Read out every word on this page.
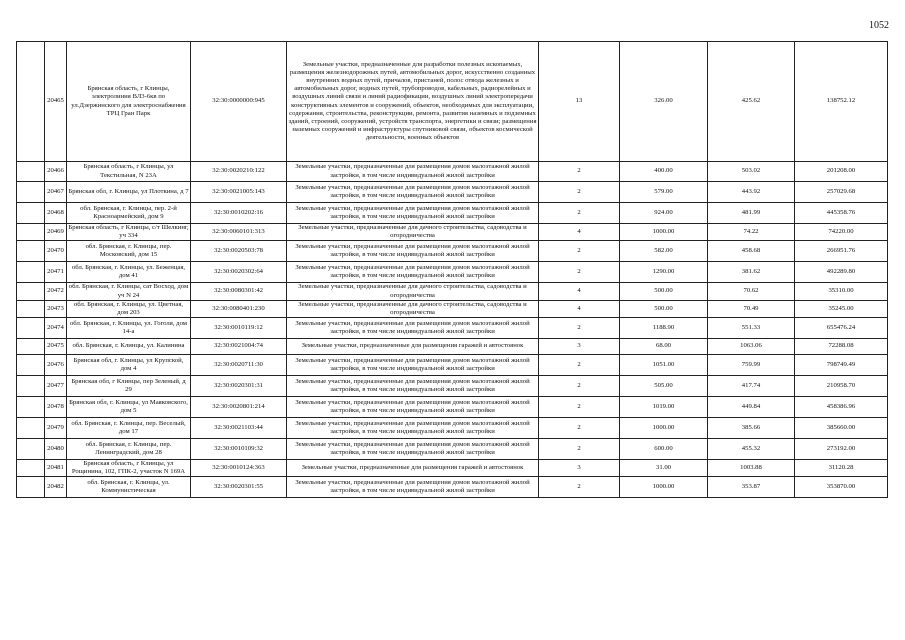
1052
	20465	Брянская область, г Клинцы, электролиния ВЛ3-6кв по ул.Дзержинского для электроснабжения ТРЦ Гран Парк	32:30:0000000:945	Земельные участки, предназначенные для разработки полезных ископаемых, размещения железнодорожных путей, автомобильных дорог, искусственно созданных внутренних водных путей, причалов, пристаней, полос отвода железных и автомобильных дорог, водных путей, трубопроводов, кабельных, радиорелейных и воздушных линий связи и линий радиофикации, воздушных линий электропередачи конструктивных элементов и сооружений, объектов, необходимых для эксплуатации, содержания, строительства, реконструкции, ремонта, развития наземных и подземных зданий, строений, сооружений, устройств транспорта, энергетики и связи; размещения наземных сооружений и инфраструктуры спутниковой связи, объектов космической деятельности, военных объектов	13	326.00	425.62	138752.12
	20466	Брянская область, г Клинцы, ул Текстильная, N 23А	32:30:0020210:122	Земельные участки, предназначенные для размещения домов малоэтажной жилой застройки, в том числе индивидуальной жилой застройки	2	400.00	503.02	201208.00
	20467	Брянская обл, г. Клинцы, ул Плоткина, д 7	32:30:0021005:143	Земельные участки, предназначенные для размещения домов малоэтажной жилой застройки, в том числе индивидуальной жилой застройки	2	579.00	443.92	257029.68
	20468	обл. Брянская, г. Клинцы, пер. 2-й Красноармейский, дом 9	32:30:0010202:16	Земельные участки, предназначенные для размещения домов малоэтажной жилой застройки, в том числе индивидуальной жилой застройки	2	924.00	481.99	445358.76
	20469	Брянская область, г Клинцы, с/т Шелкинг, уч 334	32:30:0060101:313	Земельные участки, предназначенные для дачного строительства, садоводства и огородничества	4	1000.00	74.22	74220.00
	20470	обл. Брянская, г. Клинцы, пер. Московский, дом 15	32:30:0020503:78	Земельные участки, предназначенные для размещения домов малоэтажной жилой застройки, в том числе индивидуальной жилой застройки	2	582.00	458.68	266951.76
	20471	обл. Брянская, г. Клинцы, ул. Беженцая, дом 41	32:30:0020302:64	Земельные участки, предназначенные для размещения домов малоэтажной жилой застройки, в том числе индивидуальной жилой застройки	2	1290.00	381.62	492289.80
	20472	обл. Брянская, г. Клинцы, сат Восход, дом уч N 24	32:30:0080301:42	Земельные участки, предназначенные для дачного строительства, садоводства и огородничества	4	500.00	70.62	35310.00
	20473	обл. Брянская, г. Клинцы, ул. Цветная, дом 203	32:30:0080401:230	Земельные участки, предназначенные для дачного строительства, садоводства и огородничества	4	500.00	70.49	35245.00
	20474	обл. Брянская, г. Клинцы, ул. Гоголя, дом 14-а	32:30:0010119:12	Земельные участки, предназначенные для размещения домов малоэтажной жилой застройки, в том числе индивидуальной жилой застройки	2	1188.90	551.33	655476.24
	20475	обл. Брянская, г. Клинцы, ул. Калинина	32:30:0021004:74	Земельные участки, предназначенные для размещения гаражей и автостоянок	3	68.00	1063.06	72288.08
	20476	Брянская обл, г. Клинцы, ул Крупской, дом 4	32:30:0020711:30	Земельные участки, предназначенные для размещения домов малоэтажной жилой застройки, в том числе индивидуальной жилой застройки	2	1051.00	759.99	798749.49
	20477	Брянская обл, г Клинцы, пер Зеленый, д 29	32:30:0020301:31	Земельные участки, предназначенные для размещения домов малоэтажной жилой застройки, в том числе индивидуальной жилой застройки	2	505.00	417.74	210958.70
	20478	Брянская обл, г. Клинцы, ул Маяковского, дом 5	32:30:0020801:214	Земельные участки, предназначенные для размещения домов малоэтажной жилой застройки, в том числе индивидуальной жилой застройки	2	1019.00	449.84	458386.96
	20479	обл. Брянская, г. Клинцы, пер. Веселый, дом 17	32:30:0021103:44	Земельные участки, предназначенные для размещения домов малоэтажной жилой застройки, в том числе индивидуальной жилой застройки	2	1000.00	385.66	385660.00
	20480	обл. Брянская, г. Клинцы, пер. Ленинградский, дом 28	32:30:0010109:32	Земельные участки, предназначенные для размещения домов малоэтажной жилой застройки, в том числе индивидуальной жилой застройки	2	600.00	455.32	273192.00
	20481	Брянская область, г Клинцы, ул Рощинина, 102, ГПК-2, участок N 169А	32:30:0010124:363	Земельные участки, предназначенные для размещения гаражей и автостоянок	3	31.00	1003.88	31120.28
	20482	обл. Брянская, г. Клинцы, ул. Коммунистическая	32:30:0020301:55	Земельные участки, предназначенные для размещения домов малоэтажной жилой застройки, в том числе индивидуальной жилой застройки	2	1000.00	353.87	353870.00
